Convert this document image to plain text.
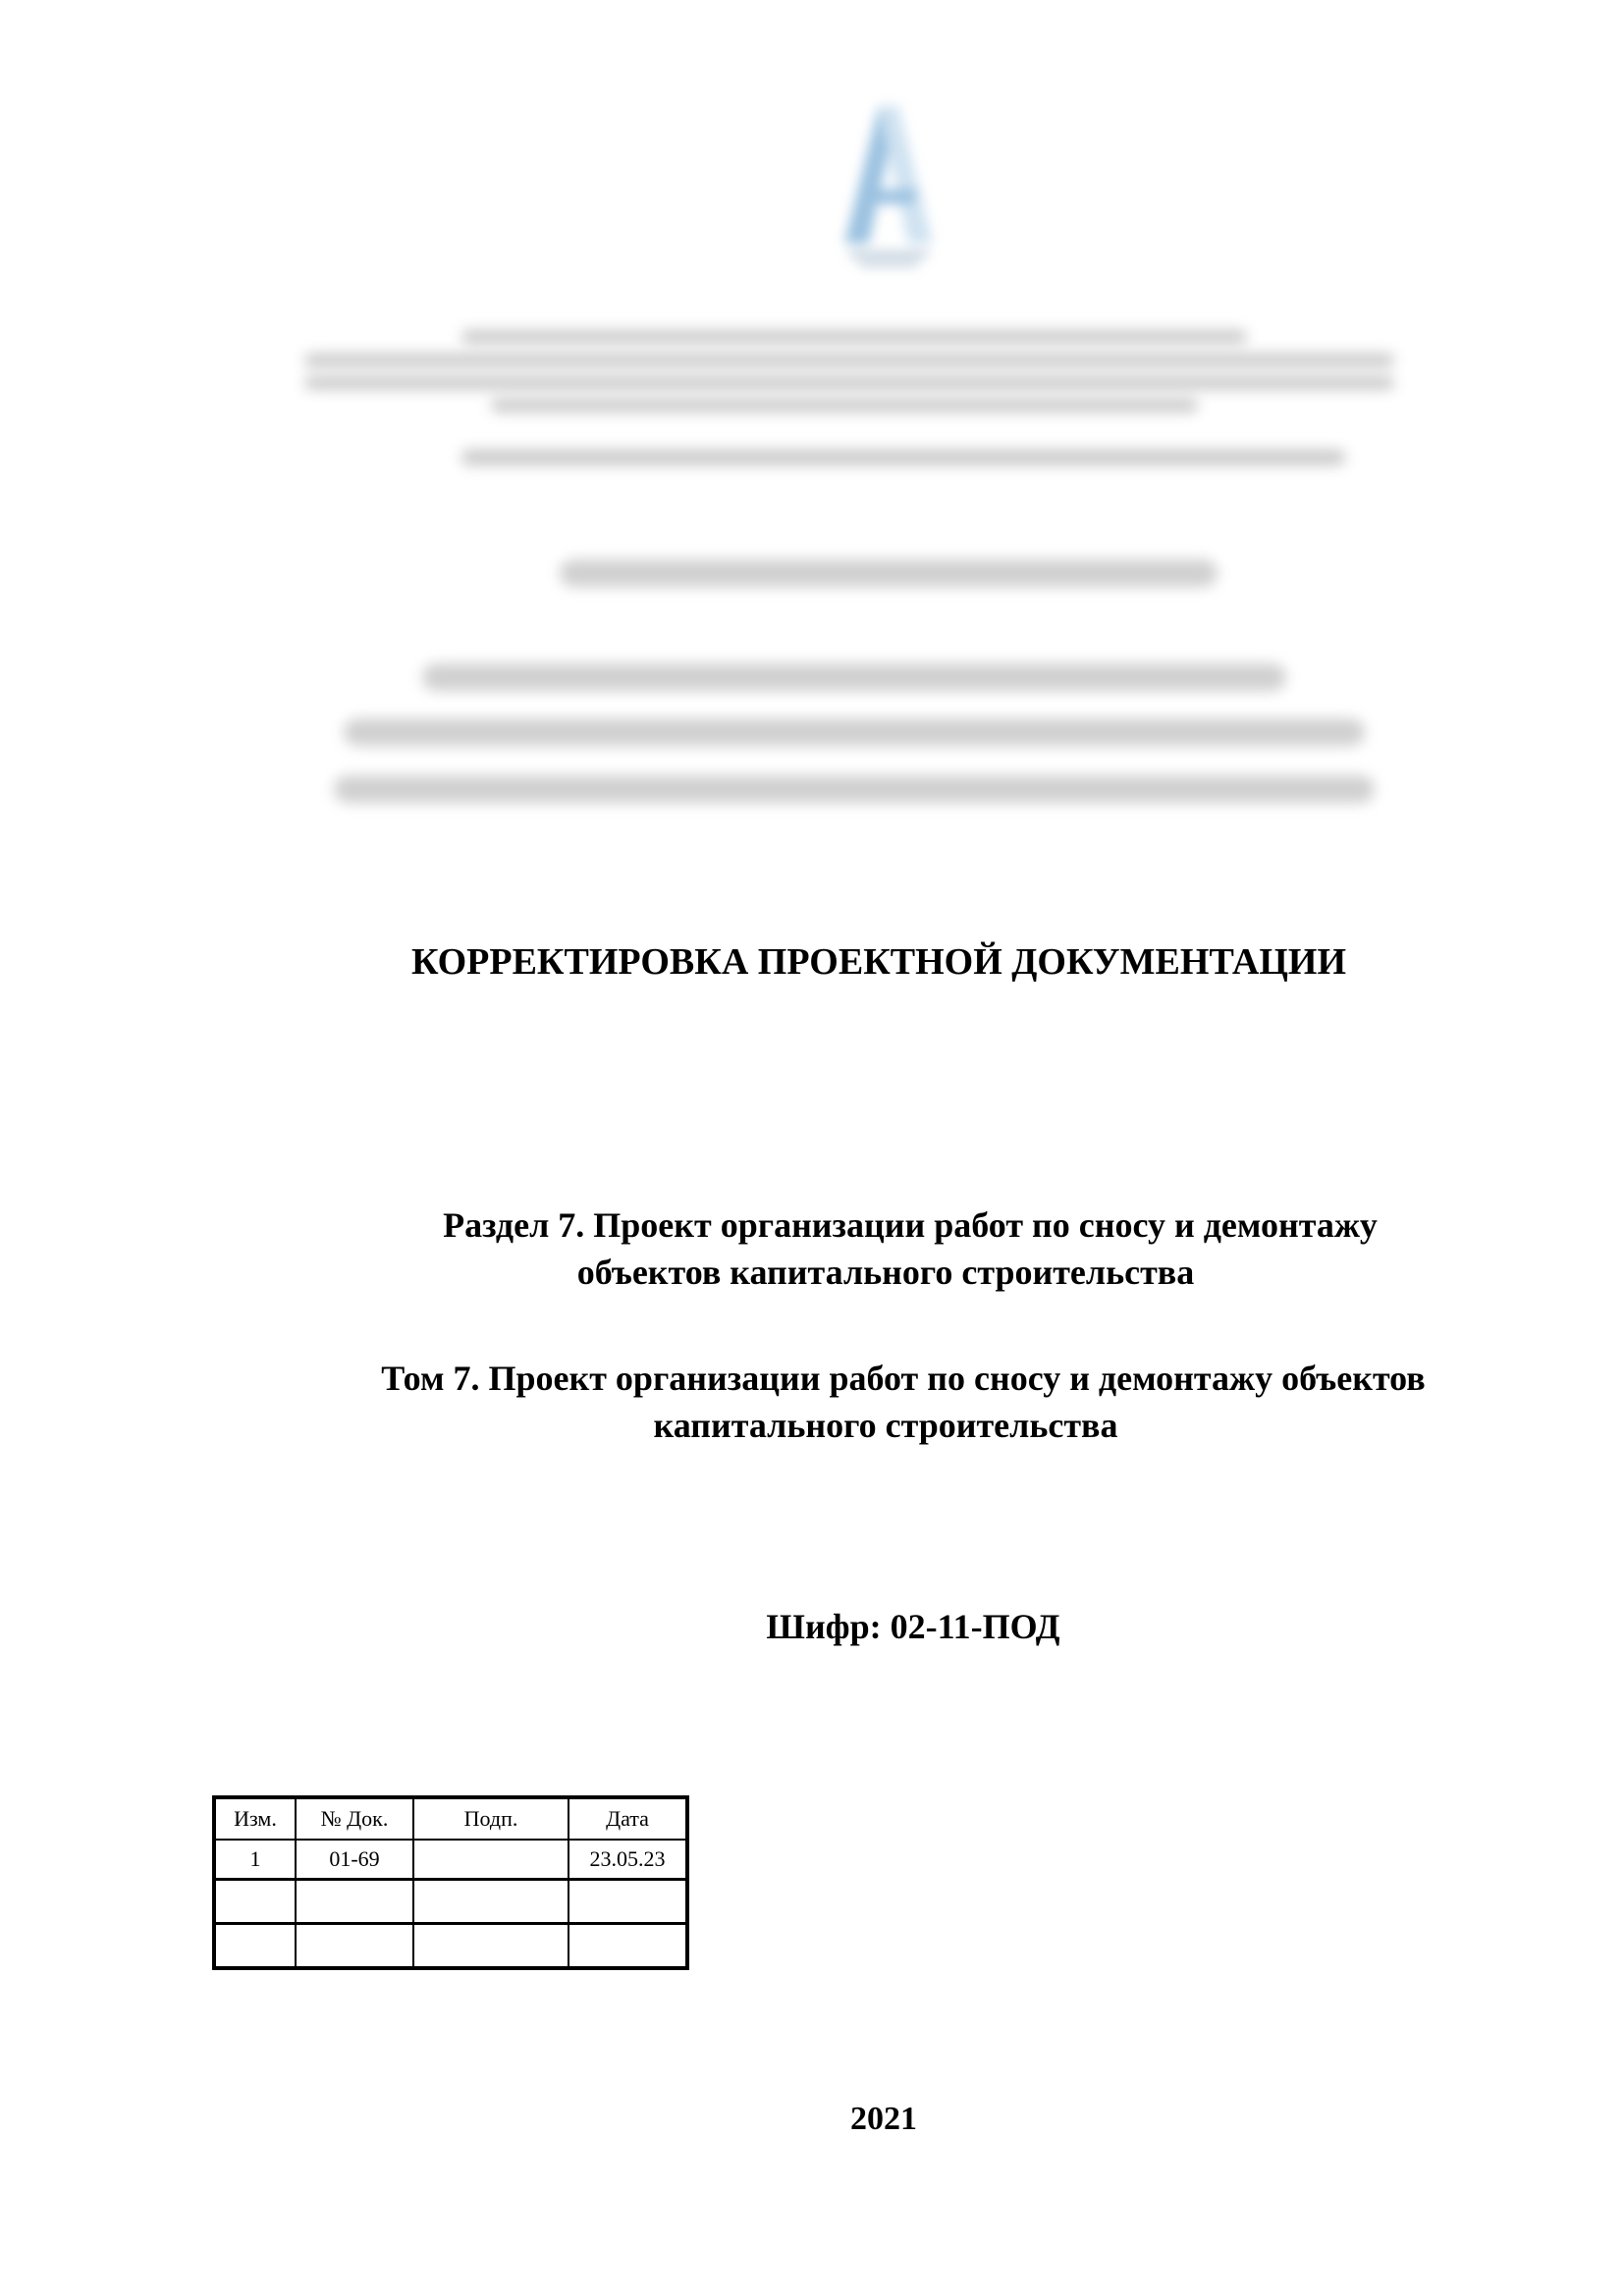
КОРРЕКТИРОВКА ПРОЕКТНОЙ ДОКУМЕНТАЦИИ
Раздел 7. Проект организации работ по сносу и демонтажу
объектов капитального строительства
Том 7. Проект организации работ по сносу и демонтажу объектов
капитального строительства
Шифр: 02-11-ПОД
Изм.	№ Док.	Подп.	Дата
1	01-69		23.05.23

2021
